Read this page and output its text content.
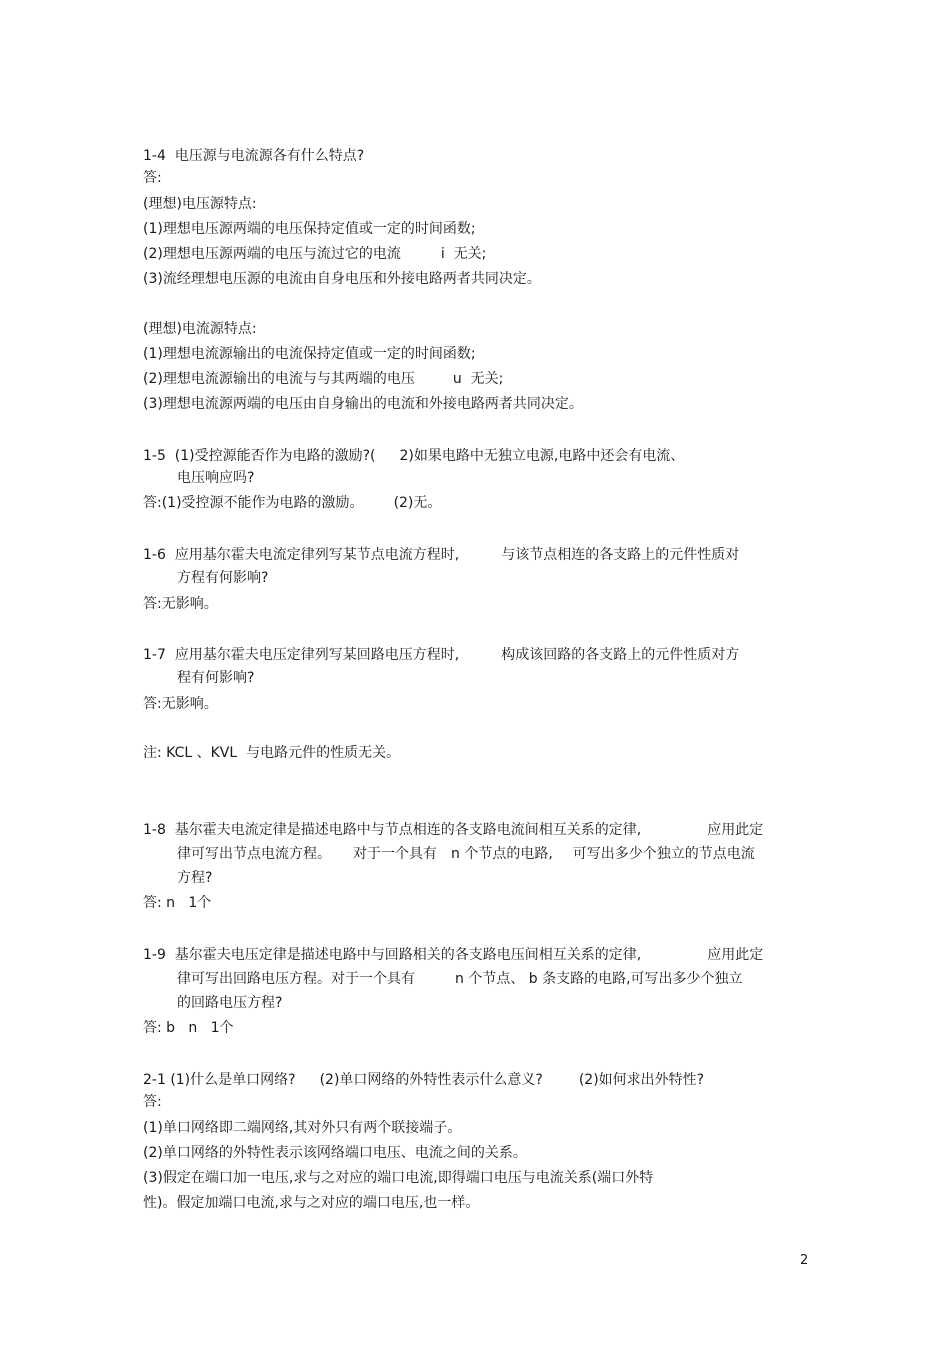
1-4  电压源与电流源各有什么特点?
答:
(理想)电压源特点:
(1)理想电压源两端的电压保持定值或一定的时间函数;
(2)理想电压源两端的电压与流过它的电流	i  无关;
(3)流经理想电压源的电流由自身电压和外接电路两者共同决定。
(理想)电流源特点:
(1)理想电流源输出的电流保持定值或一定的时间函数;
(2)理想电流源输出的电流与与其两端的电压	u  无关;
(3)理想电流源两端的电压由自身输出的电流和外接电路两者共同决定。
1-5  (1)受控源能否作为电路的激励?( 2)如果电路中无独立电源,电路中还会有电流、
电压响应吗?
答:(1)受控源不能作为电路的激励。 (2)无。
1-6  应用基尔霍夫电流定律列写某节点电流方程时,	与该节点相连的各支路上的元件性质对
方程有何影响?
答:无影响。
1-7  应用基尔霍夫电压定律列写某回路电压方程时,	构成该回路的各支路上的元件性质对方
程有何影响?
答:无影响。
注: KCL 、KVL  与电路元件的性质无关。
1-8  基尔霍夫电流定律是描述电路中与节点相连的各支路电流间相互关系的定律,	应用此定
律可写出节点电流方程。 对于一个具有 n 个节点的电路, 可写出多少个独立的节点电流
方程?
答: n   1个
1-9  基尔霍夫电压定律是描述电路中与回路相关的各支路电压间相互关系的定律,	应用此定
律可写出回路电压方程。对于一个具有	n 个节点、 b 条支路的电路,可写出多少个独立
的回路电压方程?
答: b   n   1个
2-1 (1)什么是单口网络? (2)单口网络的外特性表示什么意义?	(2)如何求出外特性?
答:
(1)单口网络即二端网络,其对外只有两个联接端子。
(2)单口网络的外特性表示该网络端口电压、电流之间的关系。
(3)假定在端口加一电压,求与之对应的端口电流,即得端口电压与电流关系(端口外特
性)。假定加端口电流,求与之对应的端口电压,也一样。
2
